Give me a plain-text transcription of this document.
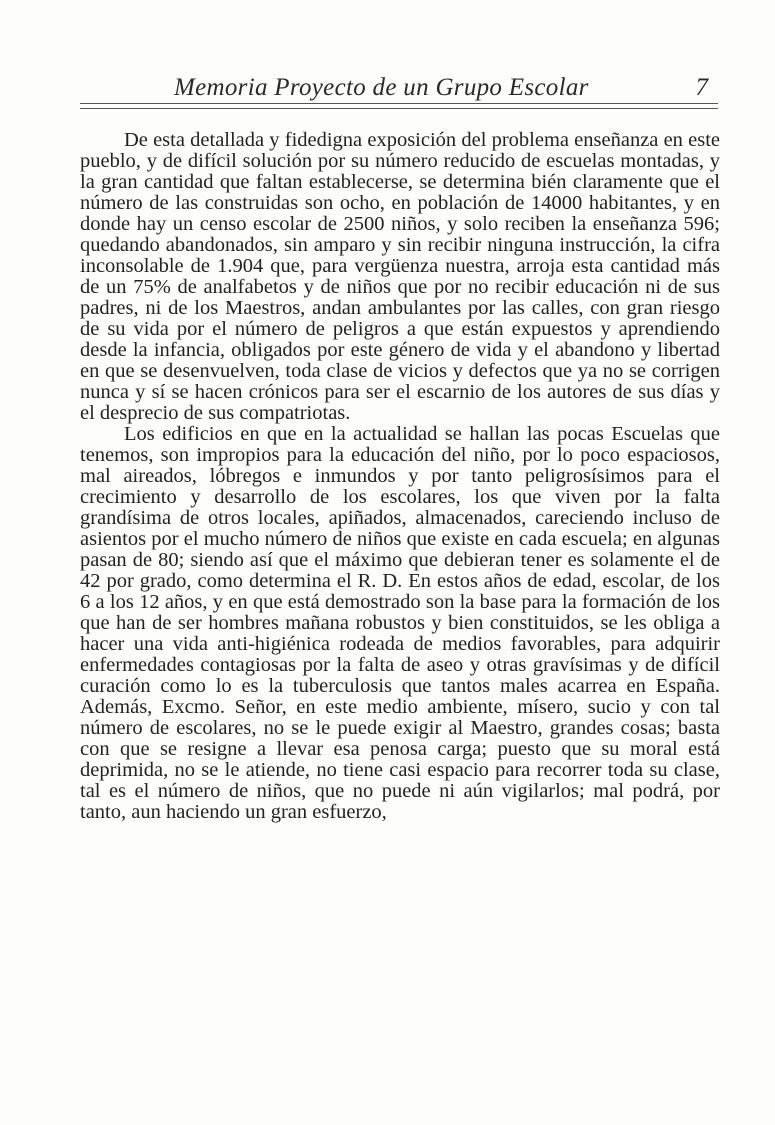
Memoria Proyecto de un Grupo Escolar	7

De esta detallada y fidedigna exposición del problema enseñanza en este pueblo, y de difícil solución por su número reducido de escuelas montadas, y la gran cantidad que faltan establecerse, se determina bién claramente que el número de las construidas son ocho, en población de 14000 habitantes, y en donde hay un censo escolar de 2500 niños, y solo reciben la enseñanza 596; quedando abandonados, sin amparo y sin recibir ninguna instrucción, la cifra inconsolable de 1.904 que, para vergüenza nuestra, arroja esta cantidad más de un 75% de analfabetos y de niños que por no recibir educación ni de sus padres, ni de los Maestros, andan ambulantes por las calles, con gran riesgo de su vida por el número de peligros a que están expuestos y aprendiendo desde la infancia, obligados por este género de vida y el abandono y libertad en que se desenvuelven, toda clase de vicios y defectos que ya no se corrigen nunca y sí se hacen crónicos para ser el escarnio de los autores de sus días y el desprecio de sus compatriotas.

Los edificios en que en la actualidad se hallan las pocas Escuelas que tenemos, son impropios para la educación del niño, por lo poco espaciosos, mal aireados, lóbregos e inmundos y por tanto peligrosísimos para el crecimiento y desarrollo de los escolares, los que viven por la falta grandísima de otros locales, apiñados, almacenados, careciendo incluso de asientos por el mucho número de niños que existe en cada escuela; en algunas pasan de 80; siendo así que el máximo que debieran tener es solamente el de 42 por grado, como determina el R. D. En estos años de edad, escolar, de los 6 a los 12 años, y en que está demostrado son la base para la formación de los que han de ser hombres mañana robustos y bien constituidos, se les obliga a hacer una vida anti-higiénica rodeada de medios favorables, para adquirir enfermedades contagiosas por la falta de aseo y otras gravísimas y de difícil curación como lo es la tuberculosis que tantos males acarrea en España. Además, Excmo. Señor, en este medio ambiente, mísero, sucio y con tal número de escolares, no se le puede exigir al Maestro, grandes cosas; basta con que se resigne a llevar esa penosa carga; puesto que su moral está deprimida, no se le atiende, no tiene casi espacio para recorrer toda su clase, tal es el número de niños, que no puede ni aún vigilarlos; mal podrá, por tanto, aun haciendo un gran esfuerzo,
